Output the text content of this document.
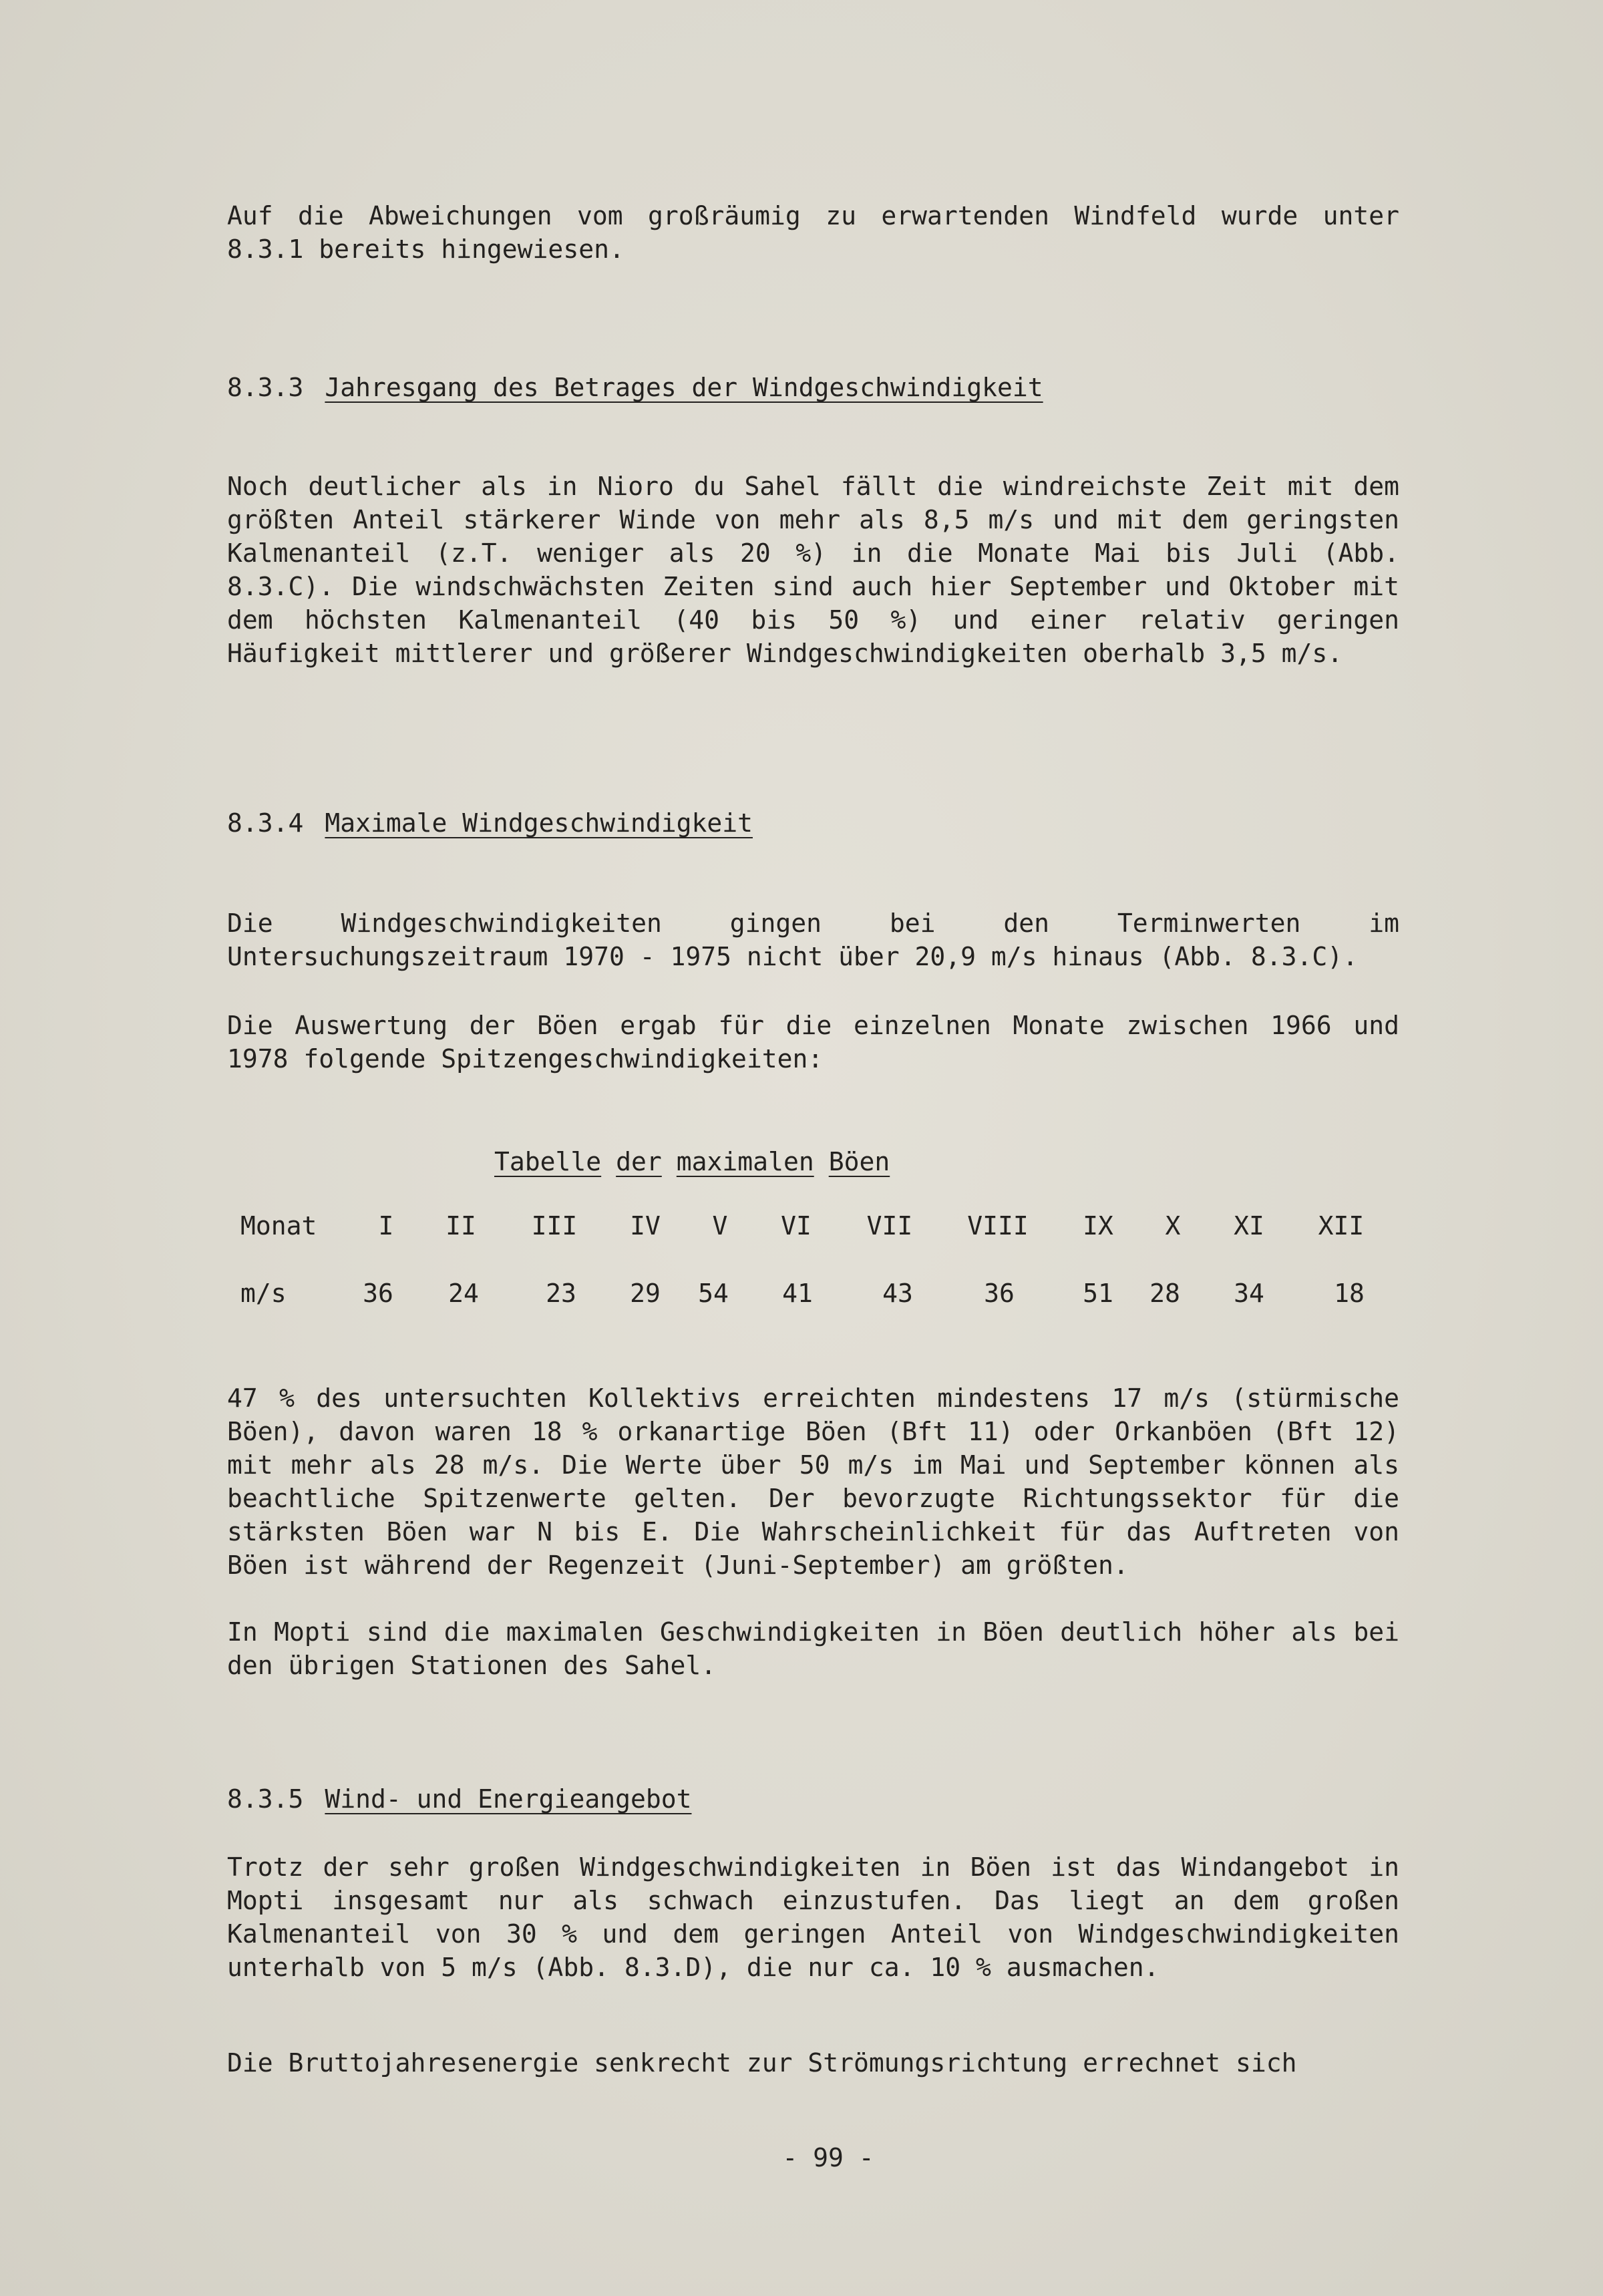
Auf die Abweichungen vom großräumig zu erwartenden Windfeld wurde unter 8.3.1 bereits hingewiesen.

8.3.3 Jahresgang des Betrages der Windgeschwindigkeit

Noch deutlicher als in Nioro du Sahel fällt die windreichste Zeit mit dem größten Anteil stärkerer Winde von mehr als 8,5 m/s und mit dem geringsten Kalmenanteil (z.T. weniger als 20 %) in die Monate Mai bis Juli (Abb. 8.3.C). Die windschwächsten Zeiten sind auch hier September und Oktober mit dem höchsten Kalmenanteil (40 bis 50 %) und einer relativ geringen Häufigkeit mittlerer und größerer Windgeschwindigkeiten oberhalb 3,5 m/s.

8.3.4 Maximale Windgeschwindigkeit

Die Windgeschwindigkeiten gingen bei den Terminwerten im Untersuchungszeitraum 1970 - 1975 nicht über 20,9 m/s hinaus (Abb. 8.3.C).

Die Auswertung der Böen ergab für die einzelnen Monate zwischen 1966 und 1978 folgende Spitzengeschwindigkeiten:

Tabelle der maximalen Böen
Monat I II III IV V VI VII VIII IX X XI XII
m/s	36 24	23 29 54 41	43	36	51 28 34	18

47 % des untersuchten Kollektivs erreichten mindestens 17 m/s (stürmische Böen), davon waren 18 % orkanartige Böen (Bft 11) oder Orkanböen (Bft 12) mit mehr als 28 m/s. Die Werte über 50 m/s im Mai und September können als beachtliche Spitzenwerte gelten. Der bevorzugte Richtungssektor für die stärksten Böen war N bis E. Die Wahrscheinlichkeit für das Auftreten von Böen ist während der Regenzeit (Juni-September) am größten.

In Mopti sind die maximalen Geschwindigkeiten in Böen deutlich höher als bei den übrigen Stationen des Sahel.

8.3.5 Wind- und Energieangebot

Trotz der sehr großen Windgeschwindigkeiten in Böen ist das Windangebot in Mopti insgesamt nur als schwach einzustufen. Das liegt an dem großen Kalmenanteil von 30 % und dem geringen Anteil von Windgeschwindigkeiten unterhalb von 5 m/s (Abb. 8.3.D), die nur ca. 10 % ausmachen.

Die Bruttojahresenergie senkrecht zur Strömungsrichtung errechnet sich

- 99 -
